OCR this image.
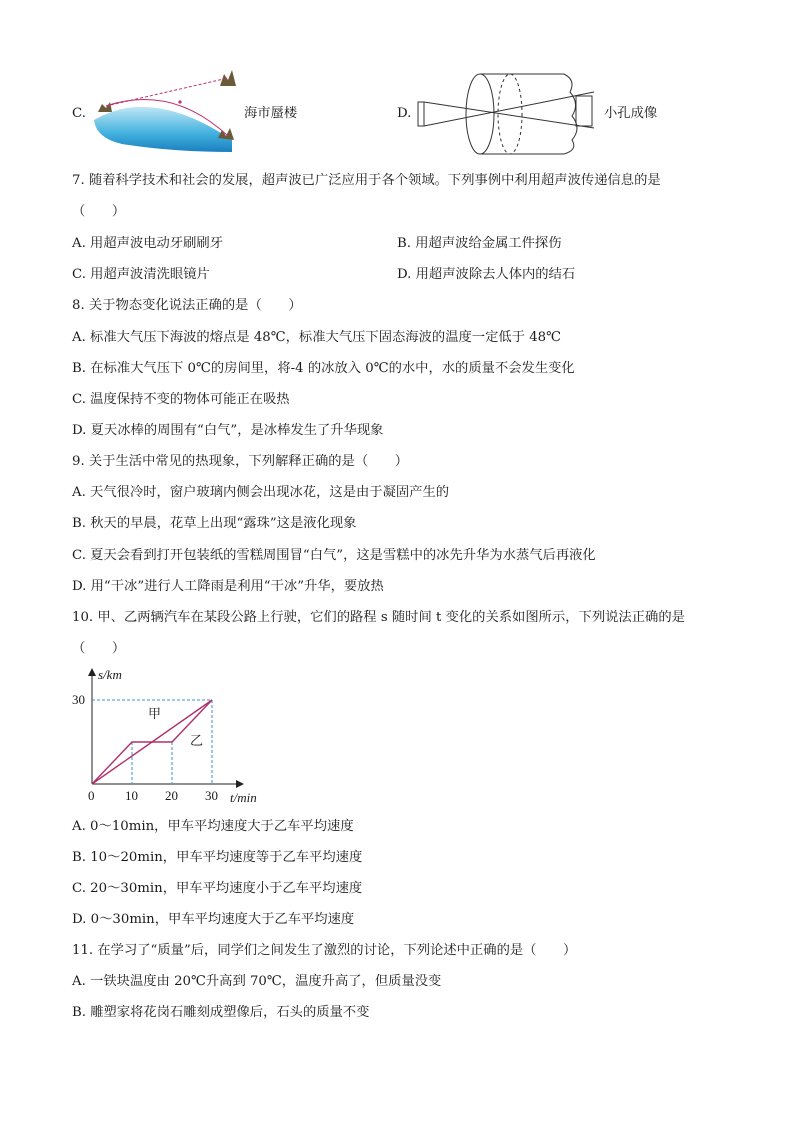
C.	海市蜃楼	D.	小孔成像
7. 随着科学技术和社会的发展，超声波已广泛应用于各个领域。下列事例中利用超声波传递信息的是
（　　）
A. 用超声波电动牙刷刷牙	B. 用超声波给金属工件探伤
C. 用超声波清洗眼镜片	D. 用超声波除去人体内的结石
8. 关于物态变化说法正确的是（　　）
A. 标准大气压下海波的熔点是 48℃，标准大气压下固态海波的温度一定低于 48℃
B. 在标准大气压下 0℃的房间里，将-4 的冰放入 0℃的水中，水的质量不会发生变化
C. 温度保持不变的物体可能正在吸热
D. 夏天冰棒的周围有“白气”，是冰棒发生了升华现象
9. 关于生活中常见的热现象，下列解释正确的是（　　）
A. 天气很冷时，窗户玻璃内侧会出现冰花，这是由于凝固产生的
B. 秋天的早晨，花草上出现“露珠”这是液化现象
C. 夏天会看到打开包装纸的雪糕周围冒“白气”，这是雪糕中的冰先升华为水蒸气后再液化
D. 用“干冰”进行人工降雨是利用“干冰”升华，要放热
10. 甲、乙两辆汽车在某段公路上行驶，它们的路程 s 随时间 t 变化的关系如图所示，下列说法正确的是
（　　）
甲
乙
0 10 20 30
30
s/km
t/min
A. 0～10min，甲车平均速度大于乙车平均速度
B. 10～20min，甲车平均速度等于乙车平均速度
C. 20～30min，甲车平均速度小于乙车平均速度
D. 0～30min，甲车平均速度大于乙车平均速度
11. 在学习了“质量”后，同学们之间发生了激烈的讨论，下列论述中正确的是（　　）
A. 一铁块温度由 20℃升高到 70℃，温度升高了，但质量没变
B. 雕塑家将花岗石雕刻成塑像后，石头的质量不变
